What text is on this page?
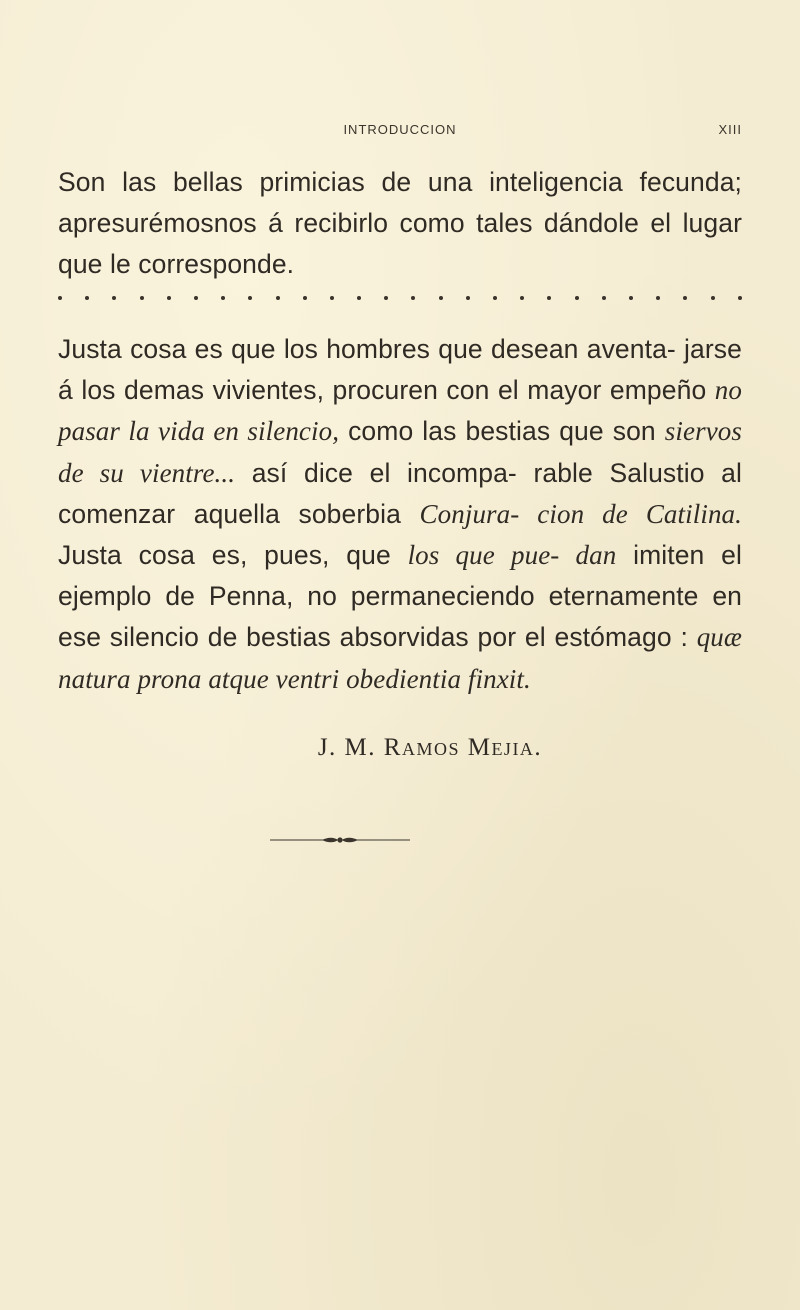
INTRODUCCION	XIII

Son las bellas primicias de una inteligencia fecunda; apresurémosnos á recibirlo como tales dándole el lugar que le corresponde.

Justa cosa es que los hombres que desean aventa- jarse á los demas vivientes, procuren con el mayor empeño no pasar la vida en silencio, como las bestias que son siervos de su vientre... así dice el incompa- rable Salustio al comenzar aquella soberbia Conjura- cion de Catilina. Justa cosa es, pues, que los que pue- dan imiten el ejemplo de Penna, no permaneciendo eternamente en ese silencio de bestias absorvidas por el estómago : quæ natura prona atque ventri obedientia finxit.

J. M. Ramos Mejia.
